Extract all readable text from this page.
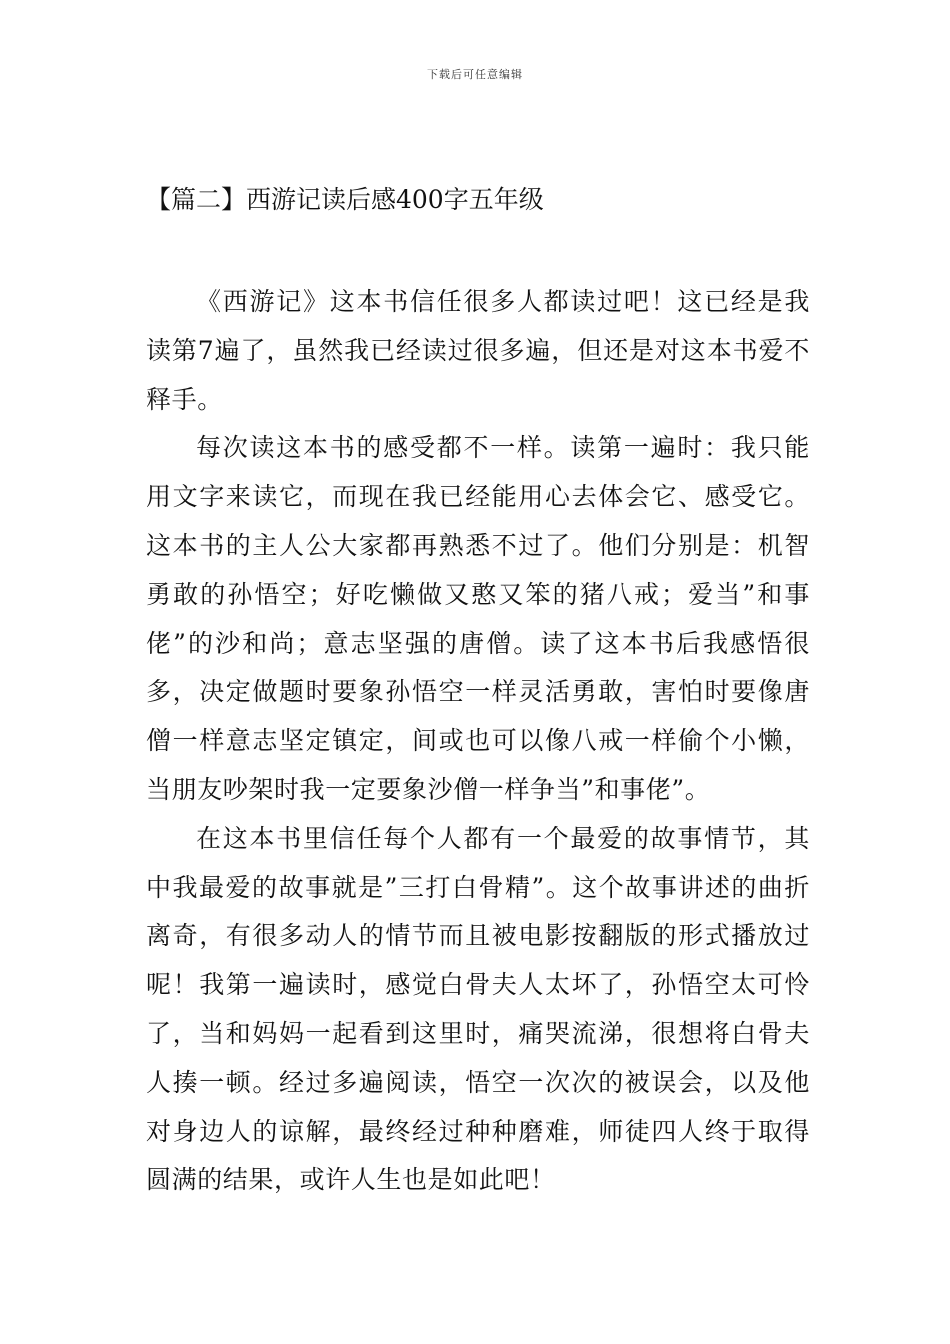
下载后可任意编辑
【篇二】西游记读后感400字五年级

《西游记》这本书信任很多人都读过吧！这已经是我读第7遍了，虽然我已经读过很多遍，但还是对这本书爱不释手。

每次读这本书的感受都不一样。读第一遍时：我只能用文字来读它，而现在我已经能用心去体会它、感受它。这本书的主人公大家都再熟悉不过了。他们分别是：机智勇敢的孙悟空；好吃懒做又憨又笨的猪八戒；爱当”和事佬”的沙和尚；意志坚强的唐僧。读了这本书后我感悟很多，决定做题时要象孙悟空一样灵活勇敢，害怕时要像唐僧一样意志坚定镇定，间或也可以像八戒一样偷个小懒，当朋友吵架时我一定要象沙僧一样争当”和事佬”。

在这本书里信任每个人都有一个最爱的故事情节，其中我最爱的故事就是”三打白骨精”。这个故事讲述的曲折离奇，有很多动人的情节而且被电影按翻版的形式播放过呢！我第一遍读时，感觉白骨夫人太坏了，孙悟空太可怜了，当和妈妈一起看到这里时，痛哭流涕，很想将白骨夫人揍一顿。经过多遍阅读，悟空一次次的被误会，以及他对身边人的谅解，最终经过种种磨难，师徒四人终于取得圆满的结果，或许人生也是如此吧！
